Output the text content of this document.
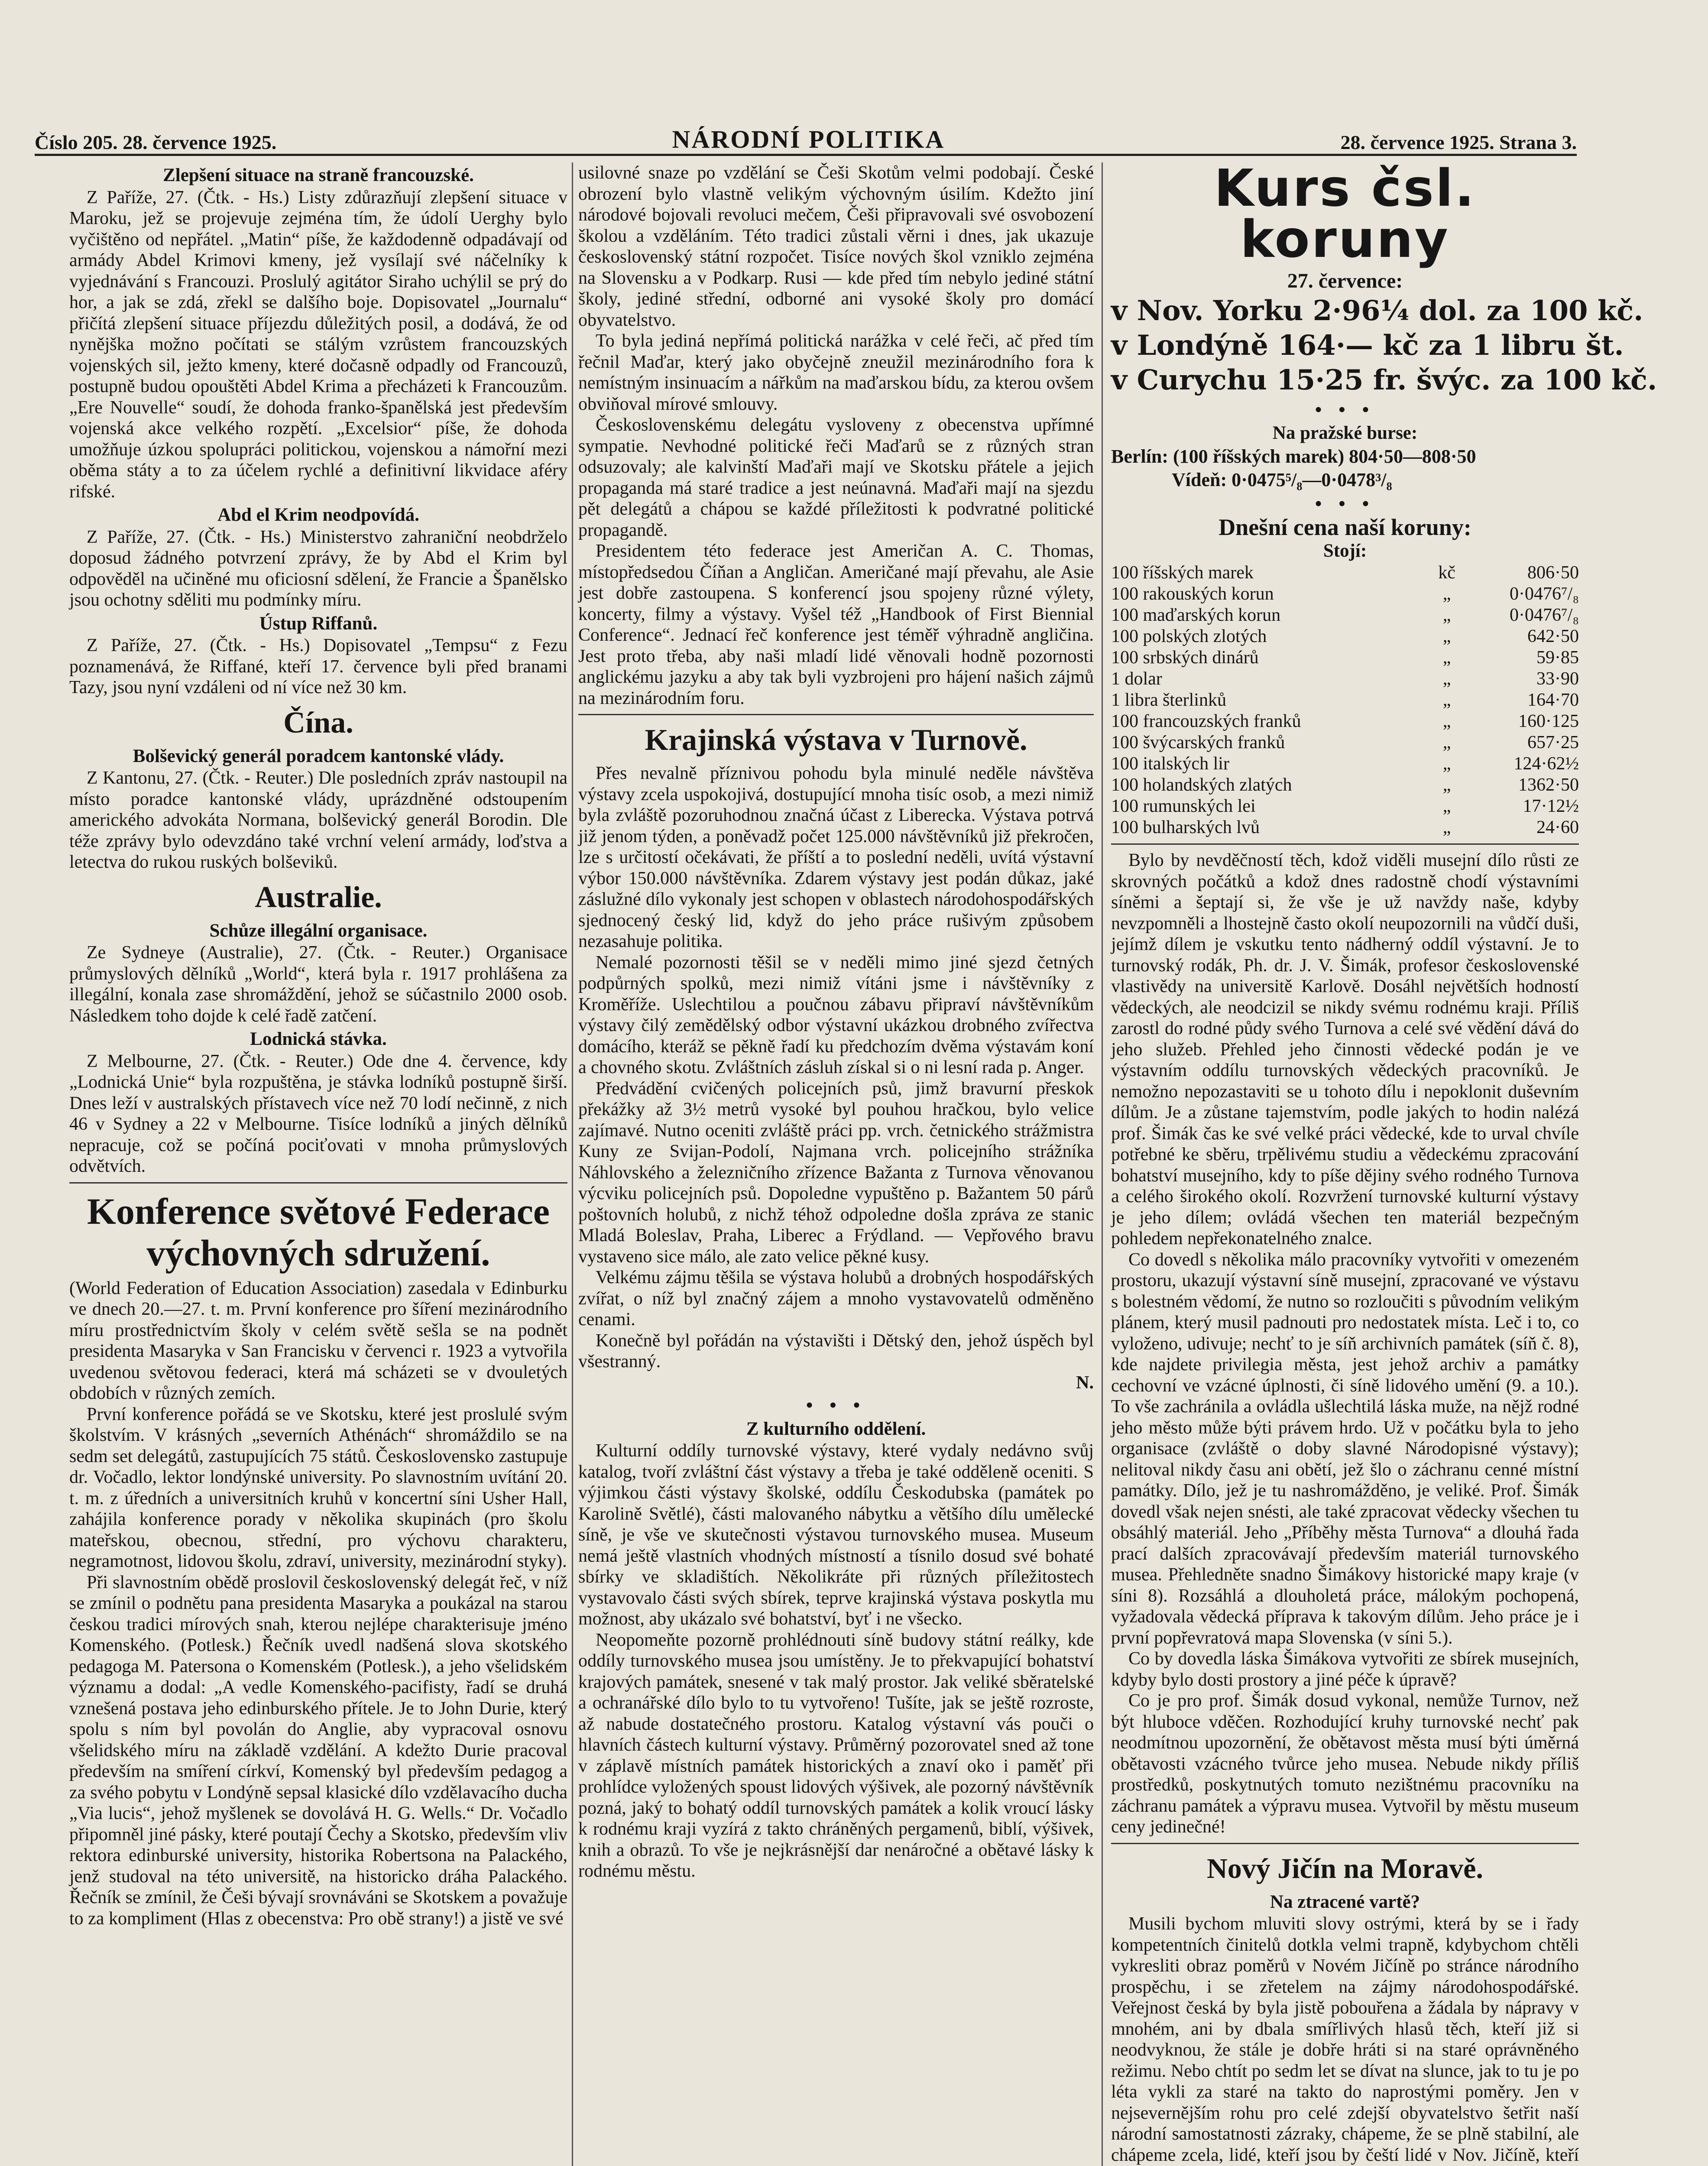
Číslo 205. 28. července 1925.	NÁRODNÍ POLITIKA	28. července 1925. Strana 3.
Zlepšení situace na straně francouzské.

Z Paříže, 27. (Čtk. - Hs.) Listy zdůrazňují zlepšení situace v Maroku, jež se projevuje zejména tím, že údolí Uerghy bylo vyčištěno od nepřátel. „Matin“ píše, že každodenně odpadávají od armády Abdel Krimovi kmeny, jež vysílají své náčelníky k vyjednávání s Francouzi. Proslulý agitátor Siraho uchýlil se prý do hor, a jak se zdá, zřekl se dalšího boje. Dopisovatel „Journalu“ přičítá zlepšení situace příjezdu důležitých posil, a dodává, že od nynějška možno počítati se stálým vzrůstem francouzských vojenských sil, ježto kmeny, které dočasně odpadly od Francouzů, postupně budou opouštěti Abdel Krima a přecházeti k Francouzům. „Ere Nouvelle“ soudí, že dohoda franko-španělská jest především vojenská akce velkého rozpětí. „Excelsior“ píše, že dohoda umožňuje úzkou spolupráci politickou, vojenskou a námořní mezi oběma státy a to za účelem rychlé a definitivní likvidace aféry rifské.

Abd el Krim neodpovídá.

Z Paříže, 27. (Čtk. - Hs.) Ministerstvo zahraniční neobdrželo doposud žádného potvrzení zprávy, že by Abd el Krim byl odpověděl na učiněné mu oficiosní sdělení, že Francie a Španělsko jsou ochotny sděliti mu podmínky míru.

Ústup Riffanů.

Z Paříže, 27. (Čtk. - Hs.) Dopisovatel „Tempsu“ z Fezu poznamenává, že Riffané, kteří 17. července byli před branami Tazy, jsou nyní vzdáleni od ní více než 30 km.

Čína.
Bolševický generál poradcem kantonské vlády.

Z Kantonu, 27. (Čtk. - Reuter.) Dle posledních zpráv nastoupil na místo poradce kantonské vlády, uprázdněné odstoupením amerického advokáta Normana, bolševický generál Borodin. Dle téže zprávy bylo odevzdáno také vrchní velení armády, loďstva a letectva do rukou ruských bolševiků.

Australie.
Schůze illegální organisace.

Ze Sydneye (Australie), 27. (Čtk. - Reuter.) Organisace průmyslových dělníků „World“, která byla r. 1917 prohlášena za illegální, konala zase shromáždění, jehož se súčastnilo 2000 osob. Následkem toho dojde k celé řadě zatčení.

Lodnická stávka.

Z Melbourne, 27. (Čtk. - Reuter.) Ode dne 4. července, kdy „Lodnická Unie“ byla rozpuštěna, je stávka lodníků postupně širší. Dnes leží v australských přístavech více než 70 lodí nečinně, z nich 46 v Sydney a 22 v Melbourne. Tisíce lodníků a jiných dělníků nepracuje, což se počíná pociťovati v mnoha průmyslových odvětvích.

Konference světové Federace výchovných sdružení.

(World Federation of Education Association) zasedala v Edinburku ve dnech 20.—27. t. m. První konference pro šíření mezinárodního míru prostřednictvím školy v celém světě sešla se na podnět presidenta Masaryka v San Francisku v červenci r. 1923 a vytvořila uvedenou světovou federaci, která má scházeti se v dvouletých obdobích v různých zemích.

První konference pořádá se ve Skotsku, které jest proslulé svým školstvím. V krásných „severních Athénách“ shromáždilo se na sedm set delegátů, zastupujících 75 států. Československo zastupuje dr. Vočadlo, lektor londýnské university. Po slavnostním uvítání 20. t. m. z úředních a universitních kruhů v koncertní síni Usher Hall, zahájila konference porady v několika skupinách (pro školu mateřskou, obecnou, střední, pro výchovu charakteru, negramotnost, lidovou školu, zdraví, university, mezinárodní styky).

Při slavnostním obědě proslovil československý delegát řeč, v níž se zmínil o podnětu pana presidenta Masaryka a poukázal na starou českou tradici mírových snah, kterou nejlépe charakterisuje jméno Komenského. (Potlesk.) Řečník uvedl nadšená slova skotského pedagoga M. Patersona o Komenském (Potlesk.), a jeho všelidském významu a dodal: „A vedle Komenského-pacifisty, řadí se druhá vznešená postava jeho edinburského přítele. Je to John Durie, který spolu s ním byl povolán do Anglie, aby vypracoval osnovu všelidského míru na základě vzdělání. A kdežto Durie pracoval především na smíření církví, Komenský byl především pedagog a za svého pobytu v Londýně sepsal klasické dílo vzdělavacího ducha „Via lucis“, jehož myšlenek se dovolává H. G. Wells.“ Dr. Vočadlo připomněl jiné pásky, které poutají Čechy a Skotsko, především vliv rektora edinburské university, historika Robertsona na Palackého, jenž studoval na této universitě, na historicko dráha Palackého. Řečník se zmínil, že Češi bývají srovnáváni se Skotskem a považuje to za kompliment (Hlas z obecenstva: Pro obě strany!) a jistě ve své

usilovné snaze po vzdělání se Češi Skotům velmi podobají. České obrození bylo vlastně velikým výchovným úsilím. Kdežto jiní národové bojovali revoluci mečem, Češi připravovali své osvobození školou a vzděláním. Této tradici zůstali věrni i dnes, jak ukazuje československý státní rozpočet. Tisíce nových škol vzniklo zejména na Slovensku a v Podkarp. Rusi — kde před tím nebylo jediné státní školy, jediné střední, odborné ani vysoké školy pro domácí obyvatelstvo.

To byla jediná nepřímá politická narážka v celé řeči, ač před tím řečnil Maďar, který jako obyčejně zneužil mezinárodního fora k nemístným insinuacím a nářkům na maďarskou bídu, za kterou ovšem obviňoval mírové smlouvy.

Československému delegátu vysloveny z obecenstva upřímné sympatie. Nevhodné politické řeči Maďarů se z různých stran odsuzovaly; ale kalvinští Maďaři mají ve Skotsku přátele a jejich propaganda má staré tradice a jest neúnavná. Maďaři mají na sjezdu pět delegátů a chápou se každé příležitosti k podvratné politické propagandě.

Presidentem této federace jest Američan A. C. Thomas, místopředsedou Číňan a Angličan. Američané mají převahu, ale Asie jest dobře zastoupena. S konferencí jsou spojeny různé výlety, koncerty, filmy a výstavy. Vyšel též „Handbook of First Biennial Conference“. Jednací řeč konference jest téměř výhradně angličina. Jest proto třeba, aby naši mladí lidé věnovali hodně pozornosti anglickému jazyku a aby tak byli vyzbrojeni pro hájení našich zájmů na mezinárodním foru.

Krajinská výstava v Turnově.

Přes nevalně příznivou pohodu byla minulé neděle návštěva výstavy zcela uspokojivá, dostupující mnoha tisíc osob, a mezi nimiž byla zvláště pozoruhodnou značná účast z Liberecka. Výstava potrvá již jenom týden, a poněvadž počet 125.000 návštěvníků již překročen, lze s určitostí očekávati, že příští a to poslední neděli, uvítá výstavní výbor 150.000 návštěvníka. Zdarem výstavy jest podán důkaz, jaké záslužné dílo vykonaly jest schopen v oblastech národohospodářských sjednocený český lid, když do jeho práce rušivým způsobem nezasahuje politika.

Nemalé pozornosti těšil se v neděli mimo jiné sjezd četných podpůrných spolků, mezi nimiž vítáni jsme i návštěvníky z Kroměříže. Uslechtilou a poučnou zábavu připraví návštěvníkům výstavy čilý zemědělský odbor výstavní ukázkou drobného zvířectva domácího, kteráž se pěkně řadí ku předchozím dvěma výstavám koní a chovného skotu. Zvláštních zásluh získal si o ni lesní rada p. Anger.

Předvádění cvičených policejních psů, jimž bravurní přeskok překážky až 3½ metrů vysoké byl pouhou hračkou, bylo velice zajímavé. Nutno oceniti zvláště práci pp. vrch. četnického strážmistra Kuny ze Svijan-Podolí, Najmana vrch. policejního strážníka Náhlovského a železničního zřízence Bažanta z Turnova věnovanou výcviku policejních psů. Dopoledne vypuštěno p. Bažantem 50 párů poštovních holubů, z nichž téhož odpoledne došla zpráva ze stanic Mladá Boleslav, Praha, Liberec a Frýdland. — Vepřového bravu vystaveno sice málo, ale zato velice pěkné kusy.

Velkému zájmu těšila se výstava holubů a drobných hospodářských zvířat, o níž byl značný zájem a mnoho vystavovatelů odměněno cenami.

Konečně byl pořádán na výstavišti i Dětský den, jehož úspěch byl všestranný.

N.
• • •
Z kulturního oddělení.

Kulturní oddíly turnovské výstavy, které vydaly nedávno svůj katalog, tvoří zvláštní část výstavy a třeba je také odděleně oceniti. S výjimkou části výstavy školské, oddílu Českodubska (památek po Karolině Světlé), části malovaného nábytku a většího dílu umělecké síně, je vše ve skutečnosti výstavou turnovského musea. Museum nemá ještě vlastních vhodných místností a tísnilo dosud své bohaté sbírky ve skladištích. Několikráte při různých příležitostech vystavovalo části svých sbírek, teprve krajinská výstava poskytla mu možnost, aby ukázalo své bohatství, byť i ne všecko.

Neopomeňte pozorně prohlédnouti síně budovy státní reálky, kde oddíly turnovského musea jsou umístěny. Je to překvapující bohatství krajových památek, snesené v tak malý prostor. Jak veliké sběratelské a ochranářské dílo bylo to tu vytvořeno! Tušíte, jak se ještě rozroste, až nabude dostatečného prostoru. Katalog výstavní vás pouči o hlavních částech kulturní výstavy. Průměrný pozorovatel sned až tone v záplavě místních památek historických a znaví oko i paměť při prohlídce vyložených spoust lidových výšivek, ale pozorný návštěvník pozná, jaký to bohatý oddíl turnovských památek a kolik vroucí lásky k rodnému kraji vyzírá z takto chráněných pergamenů, biblí, výšivek, knih a obrazů. To vše je nejkrásnější dar nenáročné a obětavé lásky k rodnému městu.

Kurs čsl. koruny
27. července:
v Nov. Yorku 2·96¼ dol. za 100 kč.
v Londýně 164·— kč za 1 libru št.
v Curychu 15·25 fr. švýc. za 100 kč.
• • •
Na pražské burse:
Berlín: (100 říšských marek) 804·50—808·50
Vídeň: 0·0475⁵/₈—0·0478³/₈
• • •
Dnešní cena naší koruny:
Stojí:
100 říšských marek	kč	806·50
100 rakouských korun	„	0·0476⁷/₈
100 maďarských korun	„	0·0476⁷/₈
100 polských zlotých	„	642·50
100 srbských dinárů	„	59·85
1 dolar	„	33·90
1 libra šterlinků	„	164·70
100 francouzských franků	„	160·125
100 švýcarských franků	„	657·25
100 italských lir	„	124·62½
100 holandských zlatých	„	1362·50
100 rumunských lei	„	17·12½
100 bulharských lvů	„	24·60

Bylo by nevděčností těch, kdož viděli musejní dílo růsti ze skrovných počátků a kdož dnes radostně chodí výstavními síněmi a šeptají si, že vše je už navždy naše, kdyby nevzpomněli a lhostejně často okolí neupozornili na vůdčí duši, jejímž dílem je vskutku tento nádherný oddíl výstavní. Je to turnovský rodák, Ph. dr. J. V. Šimák, profesor československé vlastivědy na universitě Karlově. Dosáhl největších hodností vědeckých, ale neodcizil se nikdy svému rodnému kraji. Příliš zarostl do rodné půdy svého Turnova a celé své vědění dává do jeho služeb. Přehled jeho činnosti vědecké podán je ve výstavním oddílu turnovských vědeckých pracovníků. Je nemožno nepozastaviti se u tohoto dílu i nepoklonit duševním dílům. Je a zůstane tajemstvím, podle jakých to hodin nalézá prof. Šimák čas ke své velké práci vědecké, kde to urval chvíle potřebné ke sběru, trpělivému studiu a vědeckému zpracování bohatství musejního, kdy to píše dějiny svého rodného Turnova a celého širokého okolí. Rozvržení turnovské kulturní výstavy je jeho dílem; ovládá všechen ten materiál bezpečným pohledem nepřekonatelného znalce.

Co dovedl s několika málo pracovníky vytvořiti v omezeném prostoru, ukazují výstavní síně musejní, zpracované ve výstavu s bolestném vědomí, že nutno so rozloučiti s původním velikým plánem, který musil padnouti pro nedostatek místa. Leč i to, co vyloženo, udivuje; nechť to je síň archivních památek (síň č. 8), kde najdete privilegia města, jest jehož archiv a památky cechovní ve vzácné úplnosti, či síně lidového umění (9. a 10.). To vše zachránila a ovládla ušlechtilá láska muže, na nějž rodné jeho město může býti právem hrdo. Už v počátku byla to jeho organisace (zvláště o doby slavné Národopisné výstavy); nelitoval nikdy času ani obětí, jež šlo o záchranu cenné místní památky. Dílo, jež je tu nashromážděno, je veliké. Prof. Šimák dovedl však nejen snésti, ale také zpracovat vědecky všechen tu obsáhlý materiál. Jeho „Příběhy města Turnova“ a dlouhá řada prací dalších zpracovávají především materiál turnovského musea. Přehledněte snadno Šimákovy historické mapy kraje (v síni 8). Rozsáhlá a dlouholetá práce, málokým pochopená, vyžadovala vědecká příprava k takovým dílům. Jeho práce je i první popřevratová mapa Slovenska (v síni 5.).

Co by dovedla láska Šimákova vytvořiti ze sbírek musejních, kdyby bylo dosti prostory a jiné péče k úpravě?

Co je pro prof. Šimák dosud vykonal, nemůže Turnov, než být hluboce vděčen. Rozhodující kruhy turnovské nechť pak neodmítnou upozornění, že obětavost města musí býti úměrná obětavosti vzácného tvůrce jeho musea. Nebude nikdy příliš prostředků, poskytnutých tomuto nezištnému pracovníku na záchranu památek a výpravu musea. Vytvořil by městu museum ceny jedinečné!

Nový Jičín na Moravě.
Na ztracené vartě?

Musili bychom mluviti slovy ostrými, která by se i řady kompetentních činitelů dotkla velmi trapně, kdybychom chtěli vykresliti obraz poměrů v Novém Jičíně po stránce národního prospěchu, i se zřetelem na zájmy národohospodářské. Veřejnost česká by byla jistě pobouřena a žádala by nápravy v mnohém, ani by dbala smířlivých hlasů těch, kteří již si neodvyknou, že stále je dobře hráti si na staré oprávněného režimu. Nebo chtít po sedm let se dívat na slunce, jak to tu je po léta vykli za staré na takto do naprostými poměry. Jen v nejsevernějším rohu pro celé zdejší obyvatelstvo šetřit naší národní samostatnosti zázraky, chápeme, že se plně stabilní, ale chápeme zcela, lidé, kteří jsou by čeští lidé v Nov. Jičíně, kteří
